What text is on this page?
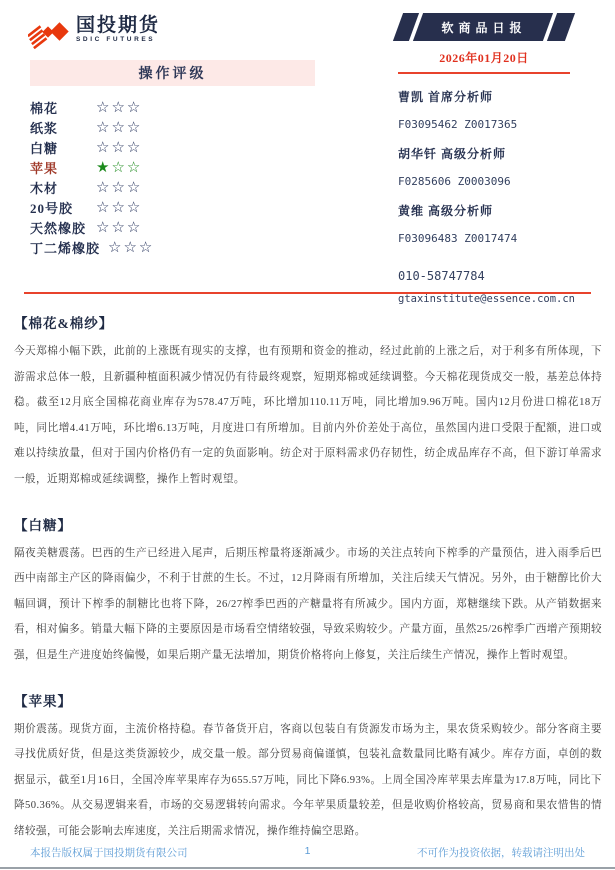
国投期货
SDIC FUTURES
软商品日报
2026年01月20日
操作评级
棉花	☆☆☆
纸浆	☆☆☆
白糖	☆☆☆
苹果	★☆☆
木材	☆☆☆
20号胶	☆☆☆
天然橡胶 ☆☆☆
丁二烯橡胶 ☆☆☆
曹凯 首席分析师
F03095462 Z0017365
胡华钎 高级分析师
F0285606 Z0003096
黄维 高级分析师
F03096483 Z0017474
010-58747784
gtaxinstitute@essence.com.cn
【棉花&棉纱】

今天郑棉小幅下跌，此前的上涨既有现实的支撑，也有预期和资金的推动，经过此前的上涨之后，对于利多有所体现，下游需求总体一般，且新疆种植面积减少情况仍有待最终观察，短期郑棉或延续调整。今天棉花现货成交一般，基差总体持稳。截至12月底全国棉花商业库存为578.47万吨，环比增加110.11万吨，同比增加9.96万吨。国内12月份进口棉花18万吨，同比增4.41万吨，环比增6.13万吨，月度进口有所增加。目前内外价差处于高位，虽然国内进口受限于配额，进口或难以持续放量，但对于国内价格仍有一定的负面影响。纺企对于原料需求仍存韧性，纺企成品库存不高，但下游订单需求一般，近期郑棉或延续调整，操作上暂时观望。

【白糖】

隔夜美糖震荡。巴西的生产已经进入尾声，后期压榨量将逐渐减少。市场的关注点转向下榨季的产量预估，进入雨季后巴西中南部主产区的降雨偏少，不利于甘蔗的生长。不过，12月降雨有所增加，关注后续天气情况。另外，由于糖醇比价大幅回调，预计下榨季的制糖比也将下降，26/27榨季巴西的产糖量将有所减少。国内方面，郑糖继续下跌。从产销数据来看，相对偏多。销量大幅下降的主要原因是市场看空情绪较强，导致采购较少。产量方面，虽然25/26榨季广西增产预期较强，但是生产进度始终偏慢，如果后期产量无法增加，期货价格将向上修复，关注后续生产情况，操作上暂时观望。

【苹果】

期价震荡。现货方面，主流价格持稳。春节备货开启，客商以包装自有货源发市场为主，果农货采购较少。部分客商主要寻找优质好货，但是这类货源较少，成交量一般。部分贸易商偏谨慎，包装礼盒数量同比略有减少。库存方面，卓创的数据显示，截至1月16日，全国冷库苹果库存为655.57万吨，同比下降6.93%。上周全国冷库苹果去库量为17.8万吨，同比下降50.36%。从交易逻辑来看，市场的交易逻辑转向需求。今年苹果质量较差，但是收购价格较高，贸易商和果农惜售的情绪较强，可能会影响去库速度，关注后期需求情况，操作维持偏空思路。

本报告版权属于国投期货有限公司	1	不可作为投资依据，转载请注明出处
